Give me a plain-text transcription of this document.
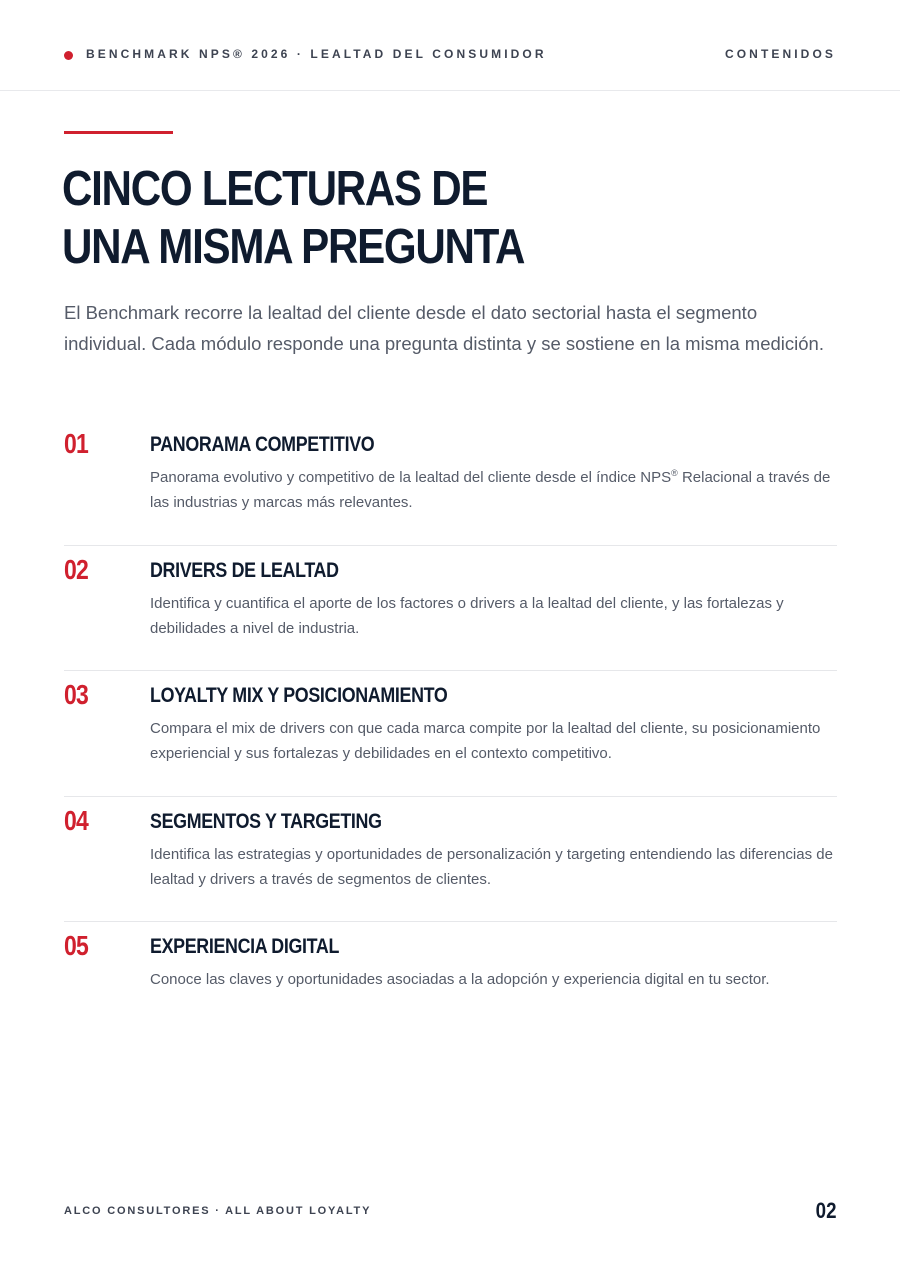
BENCHMARK NPS® 2026 · LEALTAD DEL CONSUMIDOR	CONTENIDOS
CINCO LECTURAS DE
UNA MISMA PREGUNTA

El Benchmark recorre la lealtad del cliente desde el dato sectorial hasta el segmento individual. Cada módulo responde una pregunta distinta y se sostiene en la misma medición.

01	PANORAMA COMPETITIVO

Panorama evolutivo y competitivo de la lealtad del cliente desde el índice NPS® Relacional a través de las industrias y marcas más relevantes.

02	DRIVERS DE LEALTAD

Identifica y cuantifica el aporte de los factores o drivers a la lealtad del cliente, y las fortalezas y debilidades a nivel de industria.

03	LOYALTY MIX Y POSICIONAMIENTO

Compara el mix de drivers con que cada marca compite por la lealtad del cliente, su posicionamiento experiencial y sus fortalezas y debilidades en el contexto competitivo.

04	SEGMENTOS Y TARGETING

Identifica las estrategias y oportunidades de personalización y targeting entendiendo las diferencias de lealtad y drivers a través de segmentos de clientes.

05	EXPERIENCIA DIGITAL

Conoce las claves y oportunidades asociadas a la adopción y experiencia digital en tu sector.

ALCO CONSULTORES · ALL ABOUT LOYALTY	02
